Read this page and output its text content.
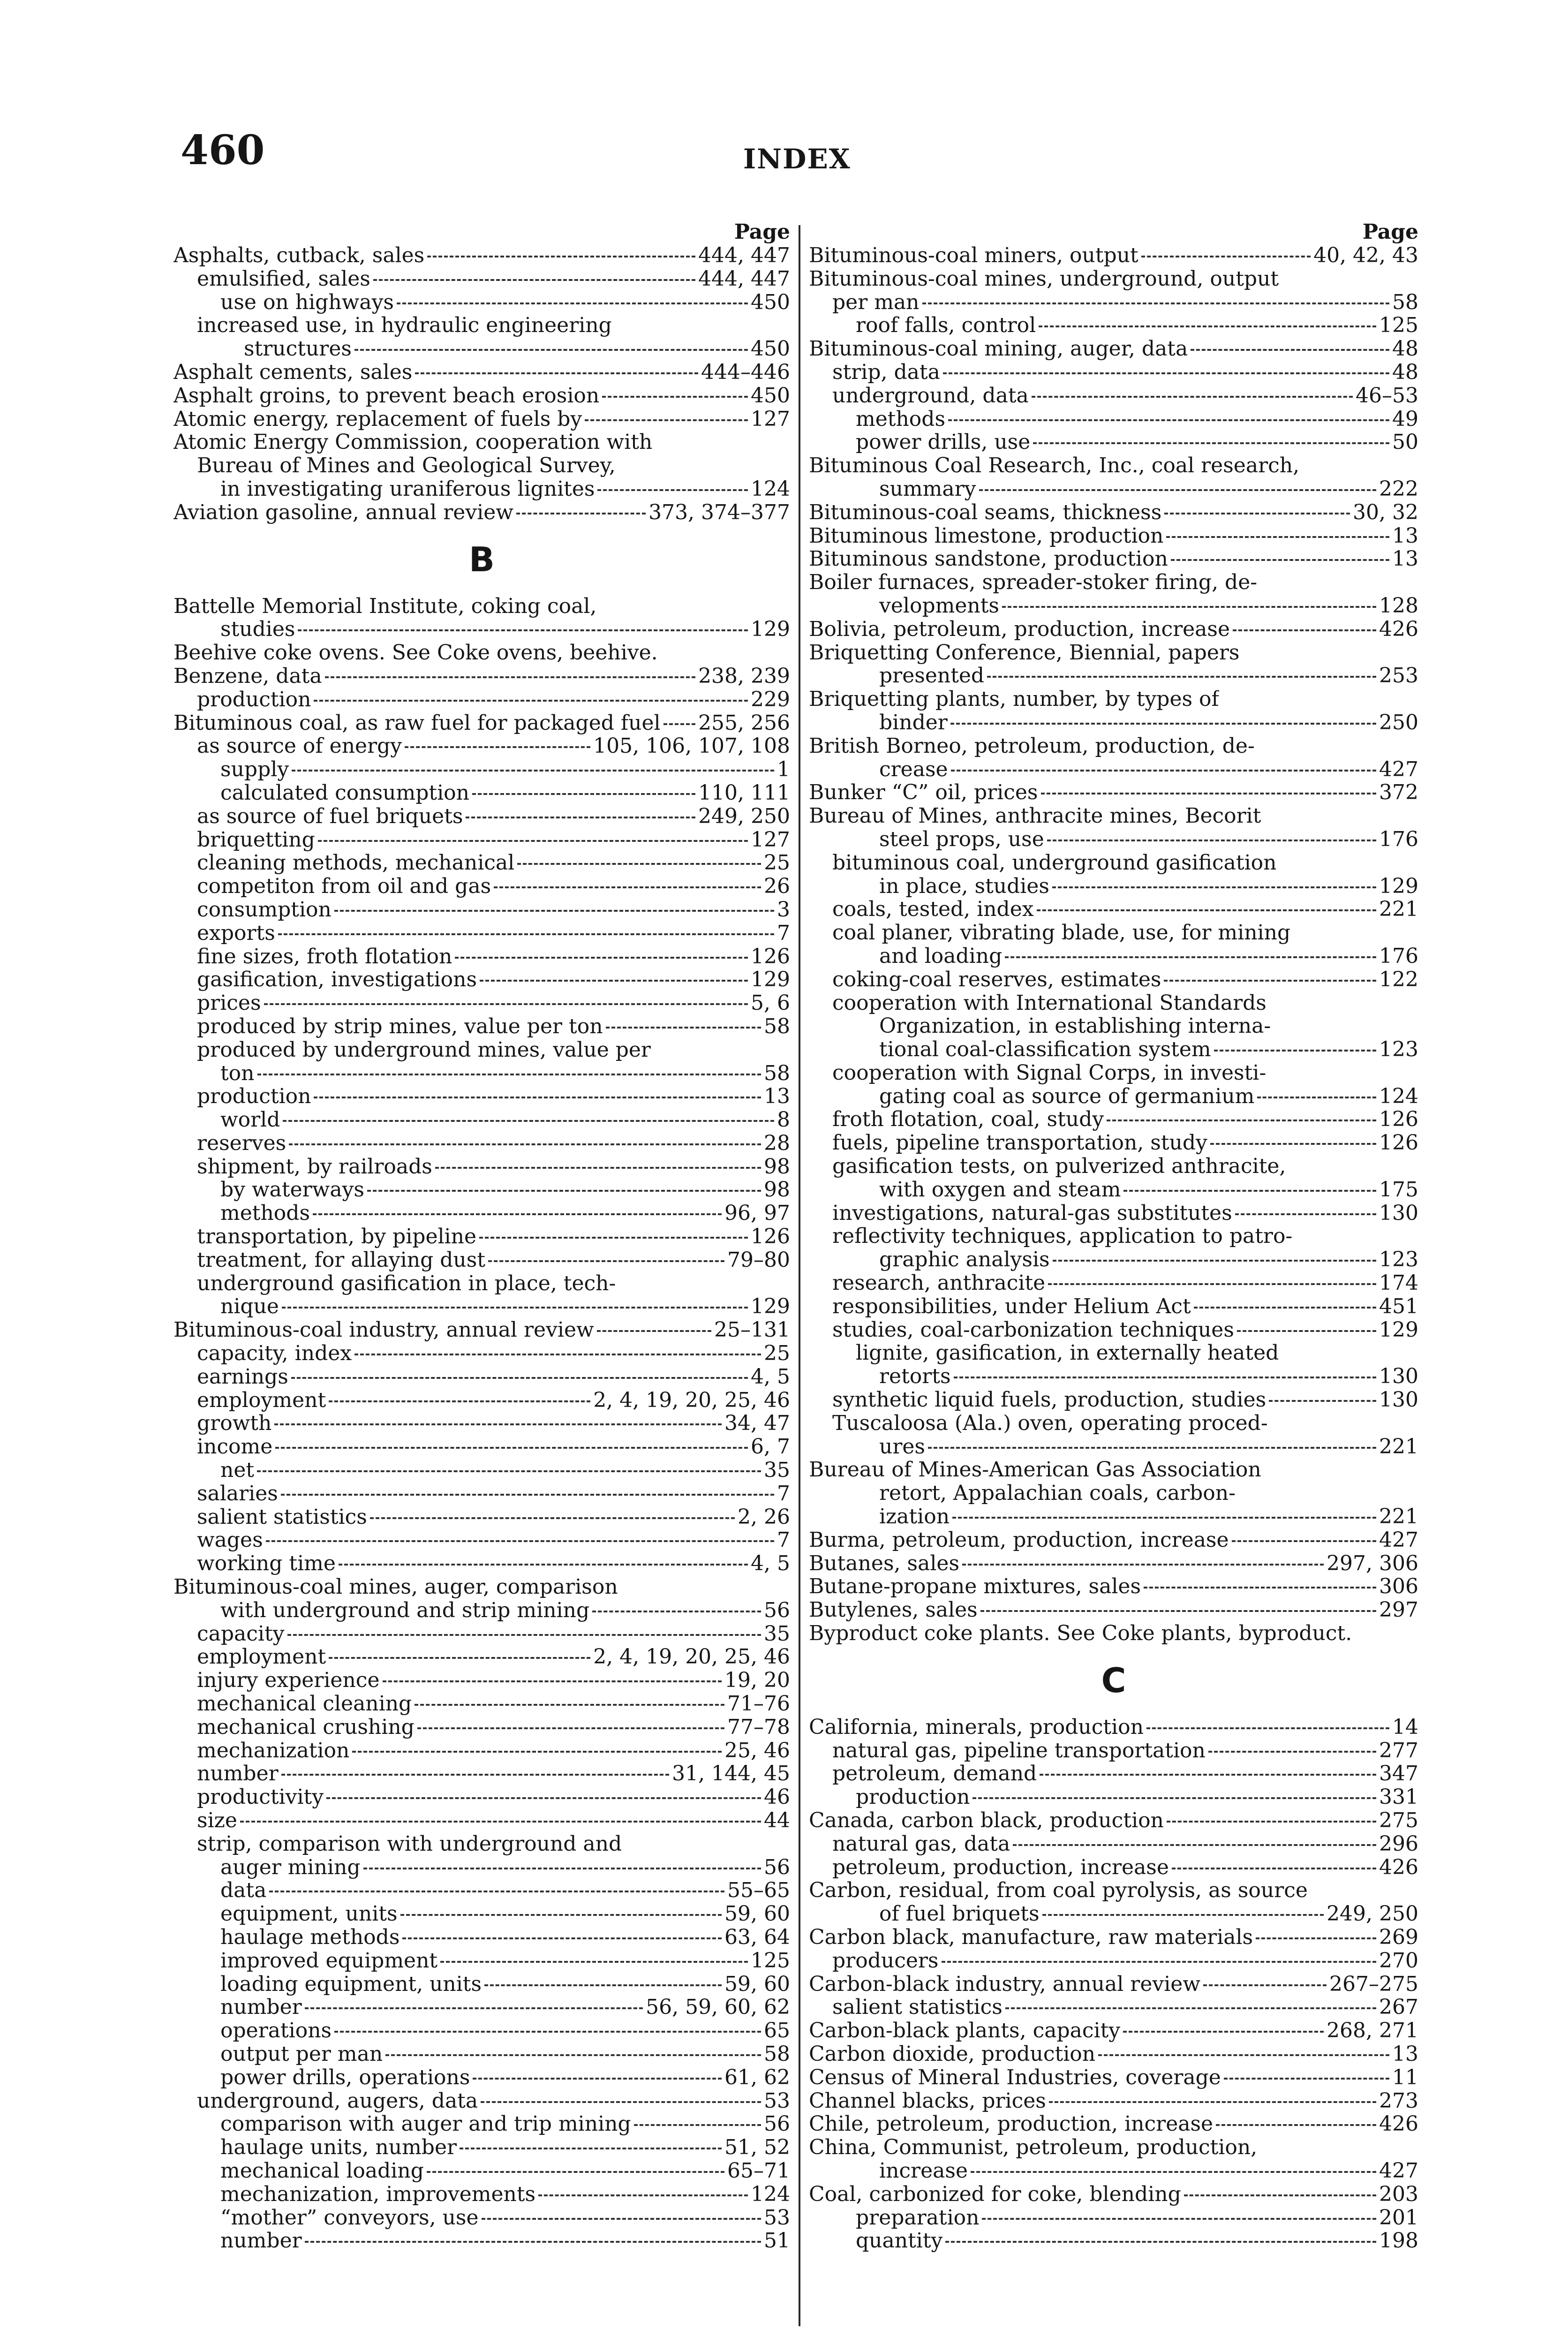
460	INDEX
Page
Asphalts, cutback, sales	444, 447
emulsified, sales	444, 447
use on highways	450
increased use, in hydraulic engineering
structures	450
Asphalt cements, sales	444–446
Asphalt groins, to prevent beach erosion	450
Atomic energy, replacement of fuels by	127
Atomic Energy Commission, cooperation with
Bureau of Mines and Geological Survey,
in investigating uraniferous lignites	124
Aviation gasoline, annual review	373, 374–377
B
Battelle Memorial Institute, coking coal,
studies	129
Beehive coke ovens. See Coke ovens, beehive.
Benzene, data	238, 239
production	229
Bituminous coal, as raw fuel for packaged fuel 255, 256
as source of energy	105, 106, 107, 108
supply	1
calculated consumption	110, 111
as source of fuel briquets	249, 250
briquetting	127
cleaning methods, mechanical	25
competiton from oil and gas	26
consumption	3
exports	7
fine sizes, froth flotation	126
gasification, investigations	129
prices	5, 6
produced by strip mines, value per ton	58
produced by underground mines, value per
ton	58
production	13
world	8
reserves	28
shipment, by railroads	98
by waterways	98
methods	96, 97
transportation, by pipeline	126
treatment, for allaying dust	79–80
underground gasification in place, tech-
nique	129
Bituminous-coal industry, annual review	25–131
capacity, index	25
earnings	4, 5
employment	2, 4, 19, 20, 25, 46
growth	34, 47
income	6, 7
net	35
salaries	7
salient statistics	2, 26
wages	7
working time	4, 5
Bituminous-coal mines, auger, comparison
with underground and strip mining	56
capacity	35
employment	2, 4, 19, 20, 25, 46
injury experience	19, 20
mechanical cleaning	71–76
mechanical crushing	77–78
mechanization	25, 46
number	31, 144, 45
productivity	46
size	44
strip, comparison with underground and
auger mining	56
data	55–65
equipment, units	59, 60
haulage methods	63, 64
improved equipment	125
loading equipment, units	59, 60
number	56, 59, 60, 62
operations	65
output per man	58
power drills, operations	61, 62
underground, augers, data	53
comparison with auger and trip mining	56
haulage units, number	51, 52
mechanical loading	65–71
mechanization, improvements	124
“mother” conveyors, use	53
number	51
Page
Bituminous-coal miners, output	40, 42, 43
Bituminous-coal mines, underground, output
per man	58
roof falls, control	125
Bituminous-coal mining, auger, data	48
strip, data	48
underground, data	46–53
methods	49
power drills, use	50
Bituminous Coal Research, Inc., coal research,
summary	222
Bituminous-coal seams, thickness	30, 32
Bituminous limestone, production	13
Bituminous sandstone, production	13
Boiler furnaces, spreader-stoker firing, de-
velopments	128
Bolivia, petroleum, production, increase	426
Briquetting Conference, Biennial, papers
presented	253
Briquetting plants, number, by types of
binder	250
British Borneo, petroleum, production, de-
crease	427
Bunker “C” oil, prices	372
Bureau of Mines, anthracite mines, Becorit
steel props, use	176
bituminous coal, underground gasification
in place, studies	129
coals, tested, index	221
coal planer, vibrating blade, use, for mining
and loading	176
coking-coal reserves, estimates	122
cooperation with International Standards
Organization, in establishing interna-
tional coal-classification system	123
cooperation with Signal Corps, in investi-
gating coal as source of germanium	124
froth flotation, coal, study	126
fuels, pipeline transportation, study	126
gasification tests, on pulverized anthracite,
with oxygen and steam	175
investigations, natural-gas substitutes	130
reflectivity techniques, application to patro-
graphic analysis	123
research, anthracite	174
responsibilities, under Helium Act	451
studies, coal-carbonization techniques	129
lignite, gasification, in externally heated
retorts	130
synthetic liquid fuels, production, studies	130
Tuscaloosa (Ala.) oven, operating proced-
ures	221
Bureau of Mines-American Gas Association
retort, Appalachian coals, carbon-
ization	221
Burma, petroleum, production, increase	427
Butanes, sales	297, 306
Butane-propane mixtures, sales	306
Butylenes, sales	297
Byproduct coke plants. See Coke plants, byproduct.
C
California, minerals, production	14
natural gas, pipeline transportation	277
petroleum, demand	347
production	331
Canada, carbon black, production	275
natural gas, data	296
petroleum, production, increase	426
Carbon, residual, from coal pyrolysis, as source
of fuel briquets	249, 250
Carbon black, manufacture, raw materials	269
producers	270
Carbon-black industry, annual review	267–275
salient statistics	267
Carbon-black plants, capacity	268, 271
Carbon dioxide, production	13
Census of Mineral Industries, coverage	11
Channel blacks, prices	273
Chile, petroleum, production, increase	426
China, Communist, petroleum, production,
increase	427
Coal, carbonized for coke, blending	203
preparation	201
quantity	198
